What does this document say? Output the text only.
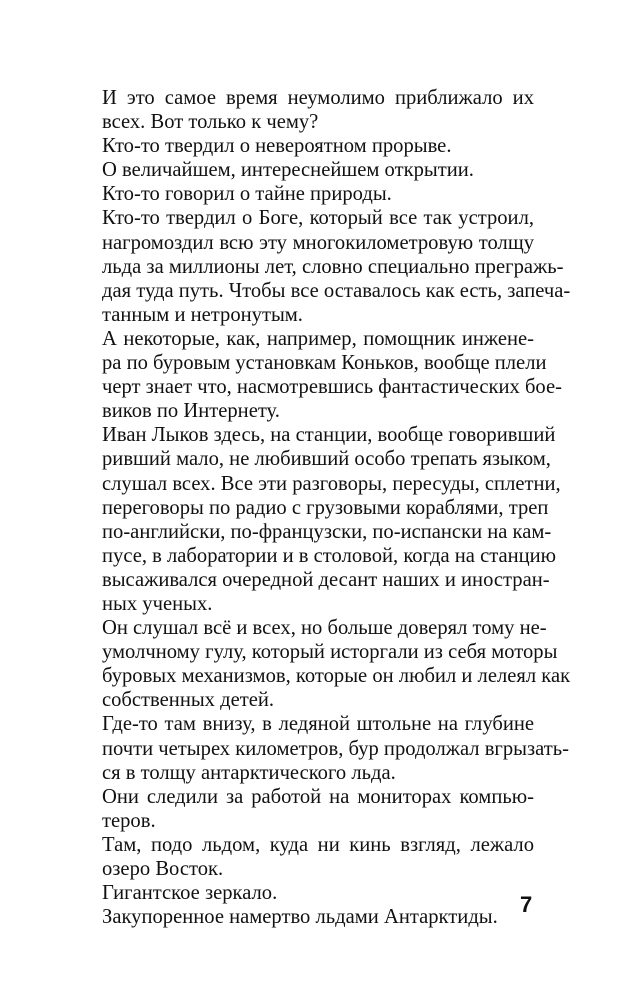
И это самое время неумолимо приближало их
всех. Вот только к чему?

Кто-то твердил о невероятном прорыве.

О величайшем, интереснейшем открытии.

Кто-то говорил о тайне природы.

Кто-то твердил о Боге, который все так устроил,
нагромоздил всю эту многокилометровую толщу
льда за миллионы лет, словно специально прегражь-
дая туда путь. Чтобы все оставалось как есть, запеча-
танным и нетронутым.

А некоторые, как, например, помощник инжене-
ра по буровым установкам Коньков, вообще плели
черт знает что, насмотревшись фантастических бое-
виков по Интернету.

Иван Лыков здесь, на станции, вообще говоривший
ривший мало, не любивший особо трепать языком,
слушал всех. Все эти разговоры, пересуды, сплетни,
переговоры по радио с грузовыми кораблями, треп
по-английски, по-французски, по-испански на кам-
пусе, в лаборатории и в столовой, когда на станцию
высаживался очередной десант наших и иностран-
ных ученых.

Он слушал всё и всех, но больше доверял тому не-
умолчному гулу, который исторгали из себя моторы
буровых механизмов, которые он любил и лелеял как
собственных детей.

Где-то там внизу, в ледяной штольне на глубине
почти четырех километров, бур продолжал вгрызать-
ся в толщу антарктического льда.

Они следили за работой на мониторах компью-
теров.

Там, подо льдом, куда ни кинь взгляд, лежало
озеро Восток.

Гигантское зеркало.

Закупоренное намертво льдами Антарктиды.

7
